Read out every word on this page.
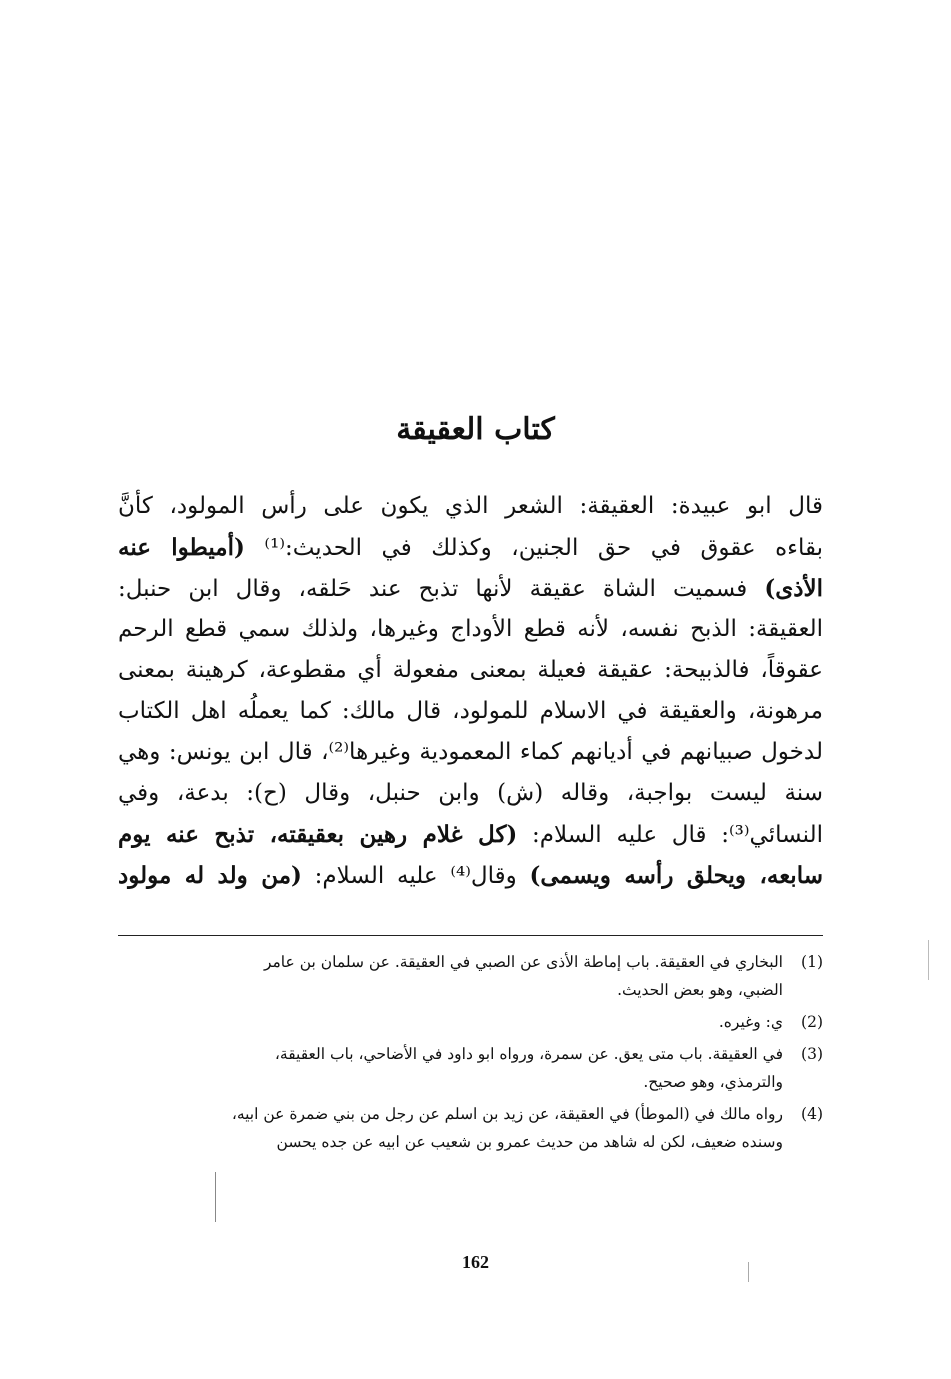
كتاب العقيقة
قال ابو عبيدة: العقيقة: الشعر الذي يكون على رأس المولود، كأنَّ
بقاءه عقوق في حق الجنين، وكذلك في الحديث:⁽¹⁾ (أميطوا عنه
الأذى) فسميت الشاة عقيقة لأنها تذبح عند حَلقه، وقال ابن حنبل:
العقيقة: الذبح نفسه، لأنه قطع الأوداج وغيرها، ولذلك سمي قطع الرحم
عقوقاً، فالذبيحة: عقيقة فعيلة بمعنى مفعولة أي مقطوعة، كرهينة بمعنى
مرهونة، والعقيقة في الاسلام للمولود، قال مالك: كما يعملُه اهل الكتاب
لدخول صبيانهم في أديانهم كماء المعمودية وغيرها⁽²⁾، قال ابن يونس: وهي
سنة ليست بواجبة، وقاله (ش) وابن حنبل، وقال (ح): بدعة، وفي
النسائي⁽³⁾: قال عليه السلام: (كل غلام رهين بعقيقته، تذبح عنه يوم
سابعه، ويحلق رأسه ويسمى) وقال⁽⁴⁾ عليه السلام: (من ولد له مولود
(1)
البخاري في العقيقة. باب إماطة الأذى عن الصبي في العقيقة. عن سلمان بن عامر
الضبي، وهو بعض الحديث.
(2)
ي: وغيره.
(3)
في العقيقة. باب متى يعق. عن سمرة، ورواه ابو داود في الأضاحي، باب العقيقة،
والترمذي، وهو صحيح.
(4)
رواه مالك في (الموطأ) في العقيقة، عن زيد بن اسلم عن رجل من بني ضمرة عن ابيه،
وسنده ضعيف، لكن له شاهد من حديث عمرو بن شعيب عن ابيه عن جده يحسن
162
